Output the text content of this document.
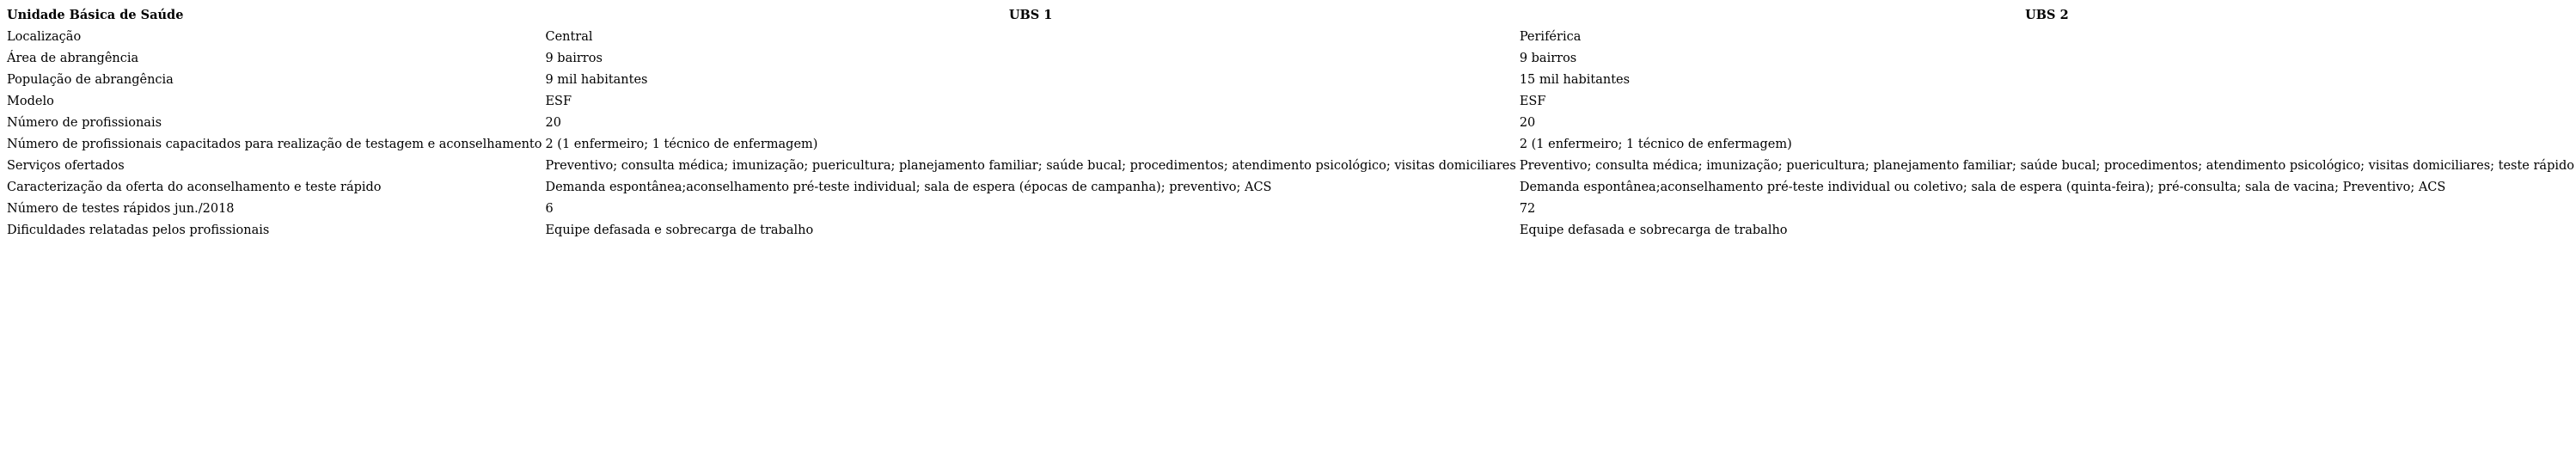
Unidade Básica de Saúde	UBS 1	UBS 2
Localização	Central	Periférica
Área de abrangência	9 bairros	9 bairros
População de abrangência	9 mil habitantes	15 mil habitantes
Modelo	ESF	ESF
Número de profissionais	20	20
Número de profissionais capacitados para realização de testagem e aconselhamento	2 (1 enfermeiro; 1 técnico de enfermagem)	2 (1 enfermeiro; 1 técnico de enfermagem)
Serviços ofertados	Preventivo; consulta médica; imunização; puericultura; planejamento familiar; saúde bucal; procedimentos; atendimento psicológico; visitas domiciliares	Preventivo; consulta médica; imunização; puericultura; planejamento familiar; saúde bucal; procedimentos; atendimento psicológico; visitas domiciliares; teste rápido
Caracterização da oferta do aconselhamento e teste rápido	Demanda espontânea;aconselhamento pré-teste individual; sala de espera (épocas de campanha); preventivo; ACS	Demanda espontânea;aconselhamento pré-teste individual ou coletivo; sala de espera (quinta-feira); pré-consulta; sala de vacina; Preventivo; ACS
Número de testes rápidos jun./2018	6	72
Dificuldades relatadas pelos profissionais	Equipe defasada e sobrecarga de trabalho	Equipe defasada e sobrecarga de trabalho
